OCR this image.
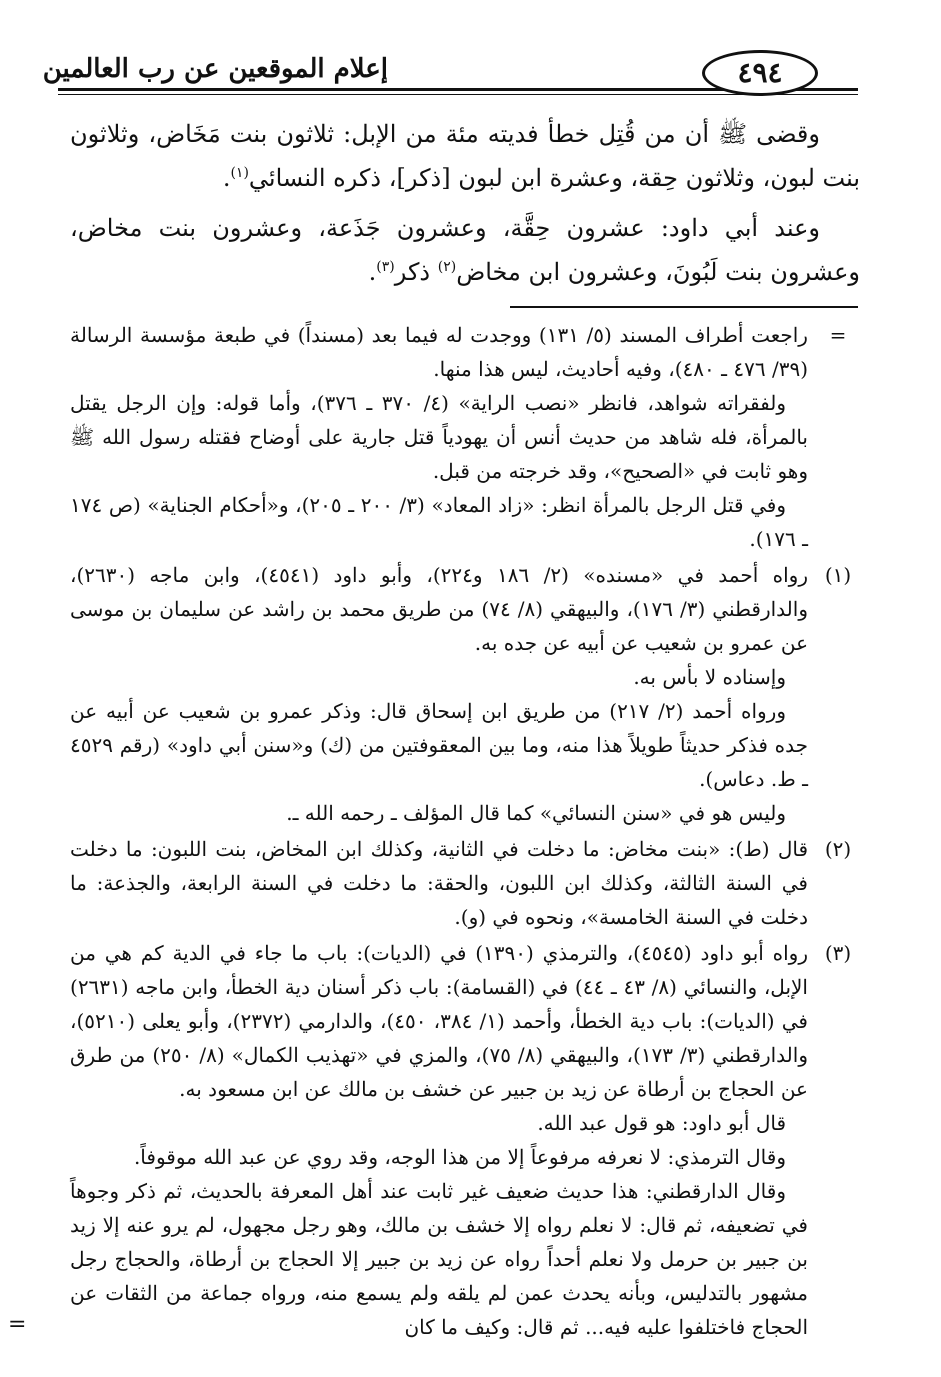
إعلام الموقعين عن رب العالمين	٤٩٤

وقضى ﷺ أن من قُتِل خطأ فديته مئة من الإبل: ثلاثون بنت مَخَاض، وثلاثون بنت لبون، وثلاثون حِقة، وعشرة ابن لبون [ذكر]، ذكره النسائي$^{(١)}$.

وعند أبي داود: عشرون حِقَّة، وعشرون جَذَعة، وعشرون بنت مخاض، وعشرون بنت لَبُونَ، وعشرون ابن مخاض$^{(٢)}$ ذكر$^{(٣)}$.

=

راجعت أطراف المسند (٥/ ١٣١) ووجدت له فيما بعد (مسنداً) في طبعة مؤسسة الرسالة (٣٩/ ٤٧٦ ـ ٤٨٠)، وفيه أحاديث، ليس هذا منها.

ولفقراته شواهد، فانظر «نصب الراية» (٤/ ٣٧٠ ـ ٣٧٦)، وأما قوله: وإن الرجل يقتل بالمرأة، فله شاهد من حديث أنس أن يهودياً قتل جارية على أوضاح فقتله رسول الله ﷺ وهو ثابت في «الصحيح»، وقد خرجته من قبل.

وفي قتل الرجل بالمرأة انظر: «زاد المعاد» (٣/ ٢٠٠ ـ ٢٠٥)، و«أحكام الجناية» (ص ١٧٤ ـ ١٧٦).

(١)

رواه أحمد في «مسنده» (٢/ ١٨٦ و٢٢٤)، وأبو داود (٤٥٤١)، وابن ماجه (٢٦٣٠)، والدارقطني (٣/ ١٧٦)، والبيهقي (٨/ ٧٤) من طريق محمد بن راشد عن سليمان بن موسى عن عمرو بن شعيب عن أبيه عن جده به.

وإسناده لا بأس به.

ورواه أحمد (٢/ ٢١٧) من طريق ابن إسحاق قال: وذكر عمرو بن شعيب عن أبيه عن جده فذكر حديثاً طويلاً هذا منه، وما بين المعقوفتين من (ك) و«سنن أبي داود» (رقم ٤٥٢٩ ـ ط. دعاس).

وليس هو في «سنن النسائي» كما قال المؤلف ـ رحمه الله ـ.

(٢)

قال (ط): «بنت مخاض: ما دخلت في الثانية، وكذلك ابن المخاض، بنت اللبون: ما دخلت في السنة الثالثة، وكذلك ابن اللبون، والحقة: ما دخلت في السنة الرابعة، والجذعة: ما دخلت في السنة الخامسة»، ونحوه في (و).

(٣)

رواه أبو داود (٤٥٤٥)، والترمذي (١٣٩٠) في (الديات): باب ما جاء في الدية كم هي من الإبل، والنسائي (٨/ ٤٣ ـ ٤٤) في (القسامة): باب ذكر أسنان دية الخطأ، وابن ماجه (٢٦٣١) في (الديات): باب دية الخطأ، وأحمد (١/ ٣٨٤، ٤٥٠)، والدارمي (٢٣٧٢)، وأبو يعلى (٥٢١٠)، والدارقطني (٣/ ١٧٣)، والبيهقي (٨/ ٧٥)، والمزي في «تهذيب الكمال» (٨/ ٢٥٠) من طرق عن الحجاج بن أرطاة عن زيد بن جبير عن خشف بن مالك عن ابن مسعود به.

قال أبو داود: هو قول عبد الله.

وقال الترمذي: لا نعرفه مرفوعاً إلا من هذا الوجه، وقد روي عن عبد الله موقوفاً.

وقال الدارقطني: هذا حديث ضعيف غير ثابت عند أهل المعرفة بالحديث، ثم ذكر وجوهاً في تضعيفه، ثم قال: لا نعلم رواه إلا خشف بن مالك، وهو رجل مجهول، لم يرو عنه إلا زيد بن جبير بن حرمل ولا نعلم أحداً رواه عن زيد بن جبير إلا الحجاج بن أرطاة، والحجاج رجل مشهور بالتدليس، وبأنه يحدث عمن لم يلقه ولم يسمع منه، ورواه جماعة من الثقات عن الحجاج فاختلفوا عليه فيه... ثم قال: وكيف ما كان

=
